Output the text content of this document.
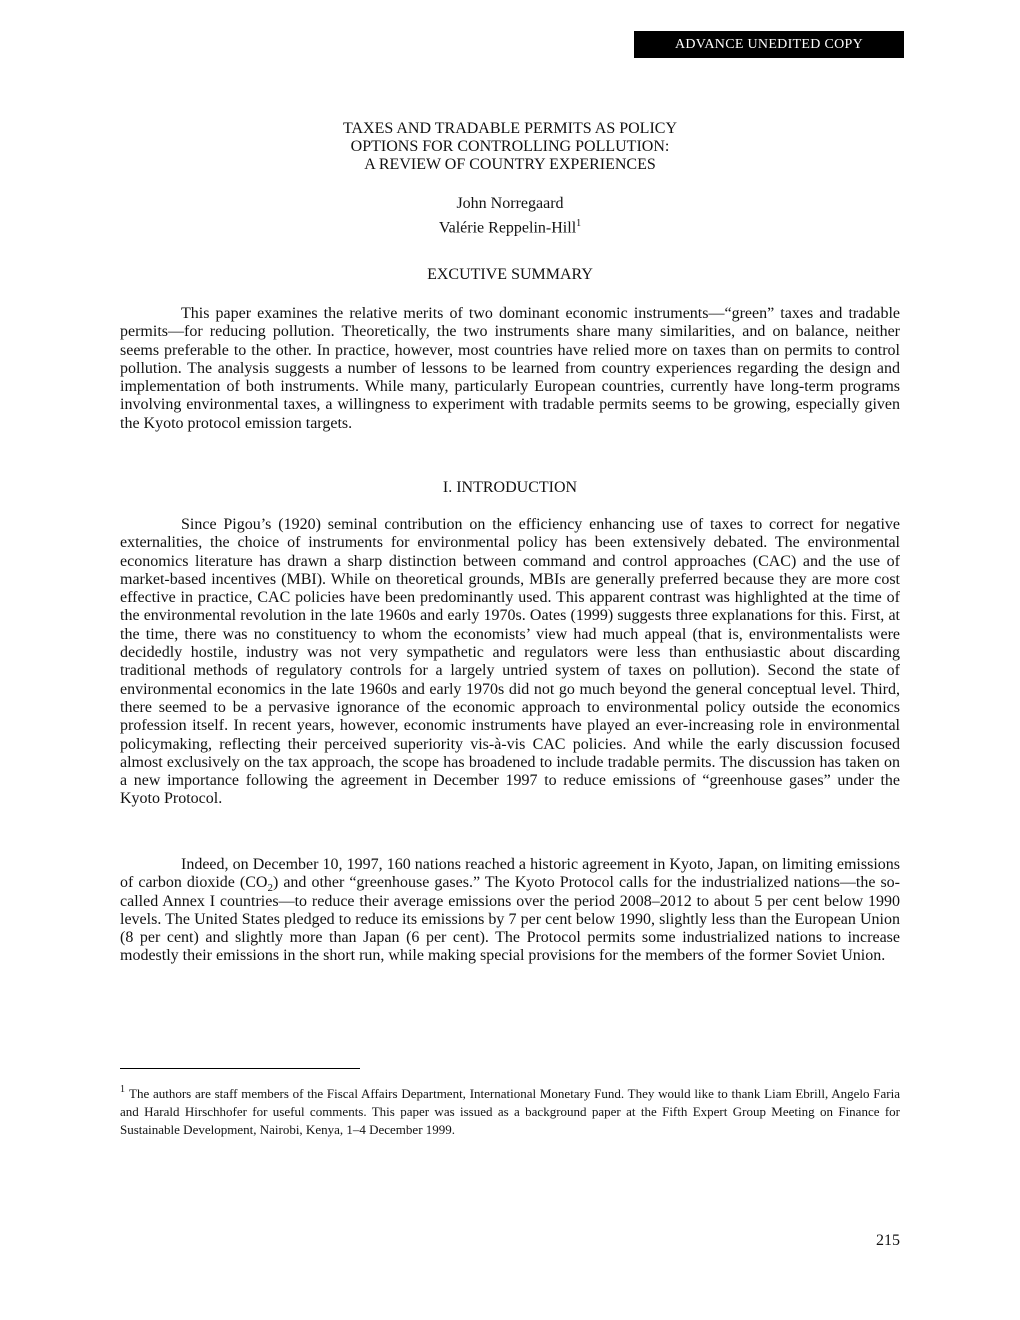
ADVANCE UNEDITED COPY
TAXES AND TRADABLE PERMITS AS POLICY
OPTIONS FOR CONTROLLING POLLUTION:
A REVIEW OF COUNTRY EXPERIENCES
John Norregaard
Valérie Reppelin-Hill$^1$
EXCUTIVE SUMMARY

This paper examines the relative merits of two dominant economic instruments—“green” taxes and tradable permits—for reducing pollution. Theoretically, the two instruments share many similarities, and on balance, neither seems preferable to the other. In practice, however, most countries have relied more on taxes than on permits to control pollution. The analysis suggests a number of lessons to be learned from country experiences regarding the design and implementation of both instruments. While many, particularly European countries, currently have long-term programs involving environmental taxes, a willingness to experiment with tradable permits seems to be growing, especially given the Kyoto protocol emission targets.

I. INTRODUCTION

Since Pigou’s (1920) seminal contribution on the efficiency enhancing use of taxes to correct for negative externalities, the choice of instruments for environmental policy has been extensively debated. The environmental economics literature has drawn a sharp distinction between command and control approaches (CAC) and the use of market-based incentives (MBI). While on theoretical grounds, MBIs are generally preferred because they are more cost effective in practice, CAC policies have been predominantly used. This apparent contrast was highlighted at the time of the environmental revolution in the late 1960s and early 1970s. Oates (1999) suggests three explanations for this. First, at the time, there was no constituency to whom the economists’ view had much appeal (that is, environmentalists were decidedly hostile, industry was not very sympathetic and regulators were less than enthusiastic about discarding traditional methods of regulatory controls for a largely untried system of taxes on pollution). Second the state of environmental economics in the late 1960s and early 1970s did not go much beyond the general conceptual level. Third, there seemed to be a pervasive ignorance of the economic approach to environmental policy outside the economics profession itself. In recent years, however, economic instruments have played an ever-increasing role in environmental policymaking, reflecting their perceived superiority vis-à-vis CAC policies. And while the early discussion focused almost exclusively on the tax approach, the scope has broadened to include tradable permits. The discussion has taken on a new importance following the agreement in December 1997 to reduce emissions of “greenhouse gases” under the Kyoto Protocol.

Indeed, on December 10, 1997, 160 nations reached a historic agreement in Kyoto, Japan, on limiting emissions of carbon dioxide $(CO_2)$ and other “greenhouse gases.” The Kyoto Protocol calls for the industrialized nations—the so-called Annex I countries—to reduce their average emissions over the period 2008–2012 to about 5 per cent below 1990 levels. The United States pledged to reduce its emissions by 7 per cent below 1990, slightly less than the European Union (8 per cent) and slightly more than Japan (6 per cent). The Protocol permits some industrialized nations to increase modestly their emissions in the short run, while making special provisions for the members of the former Soviet Union.

$^1$ The authors are staff members of the Fiscal Affairs Department, International Monetary Fund. They would like to thank Liam Ebrill, Angelo Faria and Harald Hirschhofer for useful comments. This paper was issued as a background paper at the Fifth Expert Group Meeting on Finance for Sustainable Development, Nairobi, Kenya, 1–4 December 1999.

215
